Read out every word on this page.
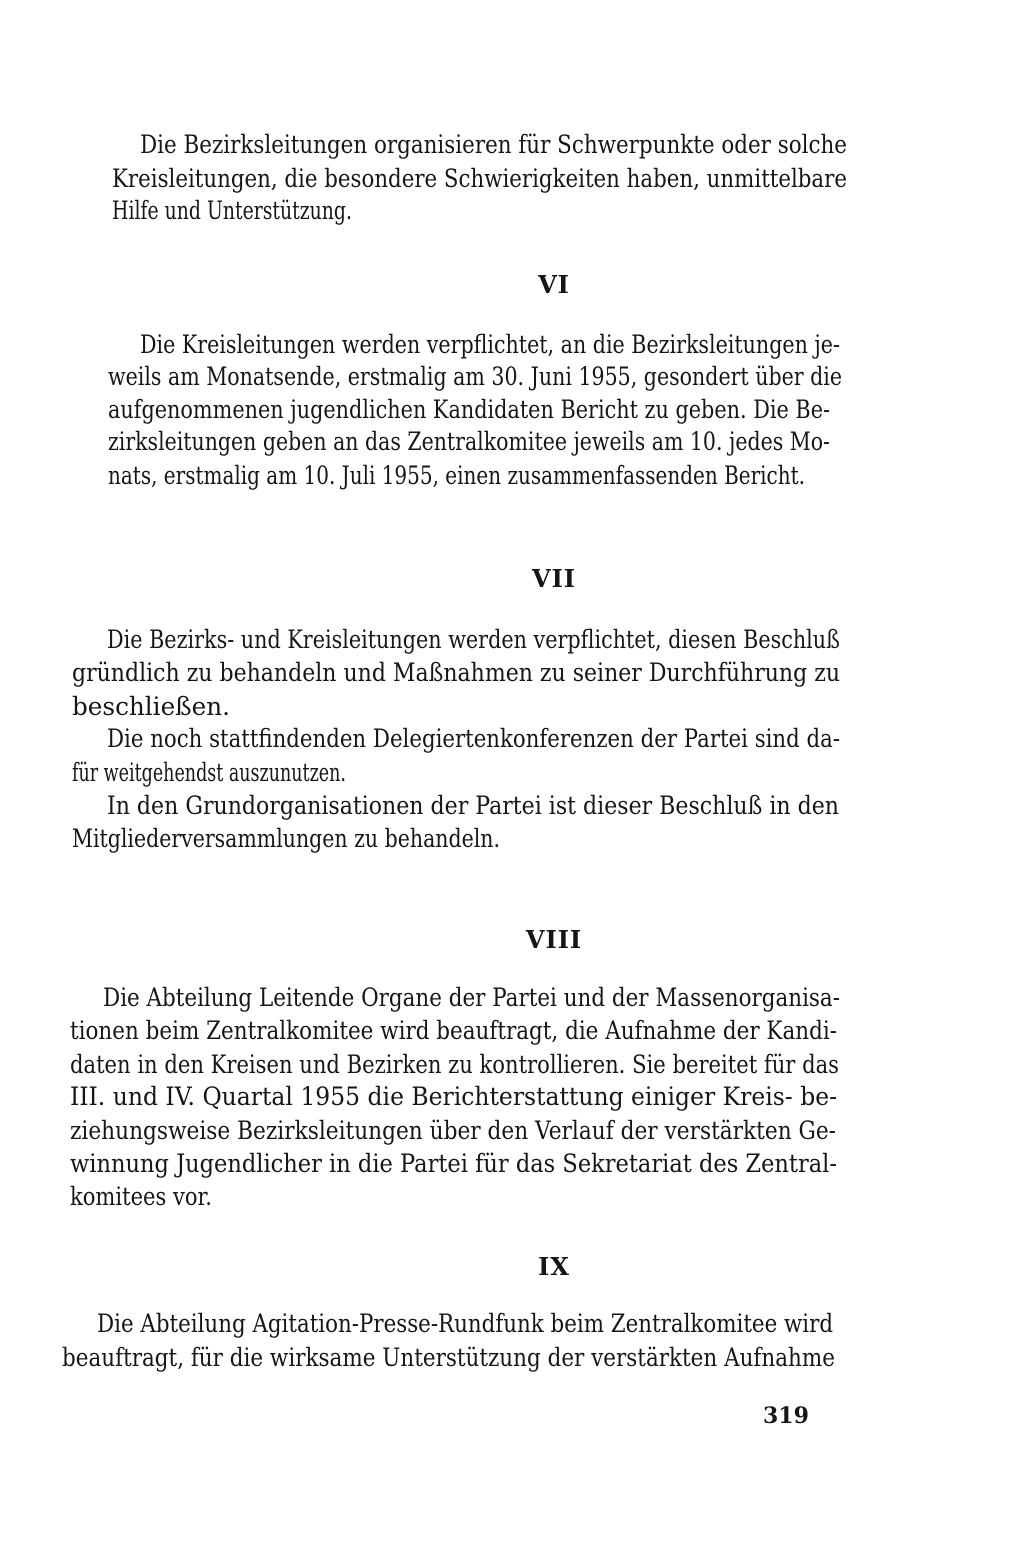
Die Bezirksleitungen organisieren für Schwerpunkte oder solche
Kreisleitungen, die besondere Schwierigkeiten haben, unmittelbare
Hilfe und Unterstützung.
VI
Die Kreisleitungen werden verpflichtet, an die Bezirksleitungen je-
weils am Monatsende, erstmalig am 30. Juni 1955, gesondert über die
aufgenommenen jugendlichen Kandidaten Bericht zu geben. Die Be-
zirksleitungen geben an das Zentralkomitee jeweils am 10. jedes Mo-
nats, erstmalig am 10. Juli 1955, einen zusammenfassenden Bericht.
VII
Die Bezirks- und Kreisleitungen werden verpflichtet, diesen Beschluß
gründlich zu behandeln und Maßnahmen zu seiner Durchführung zu
beschließen.
Die noch stattfindenden Delegiertenkonferenzen der Partei sind da-
für weitgehendst auszunutzen.
In den Grundorganisationen der Partei ist dieser Beschluß in den
Mitgliederversammlungen zu behandeln.
VIII
Die Abteilung Leitende Organe der Partei und der Massenorganisa-
tionen beim Zentralkomitee wird beauftragt, die Aufnahme der Kandi-
daten in den Kreisen und Bezirken zu kontrollieren. Sie bereitet für das
III. und IV. Quartal 1955 die Berichterstattung einiger Kreis- be-
ziehungsweise Bezirksleitungen über den Verlauf der verstärkten Ge-
winnung Jugendlicher in die Partei für das Sekretariat des Zentral-
komitees vor.
IX
Die Abteilung Agitation-Presse-Rundfunk beim Zentralkomitee wird
beauftragt, für die wirksame Unterstützung der verstärkten Aufnahme
319
